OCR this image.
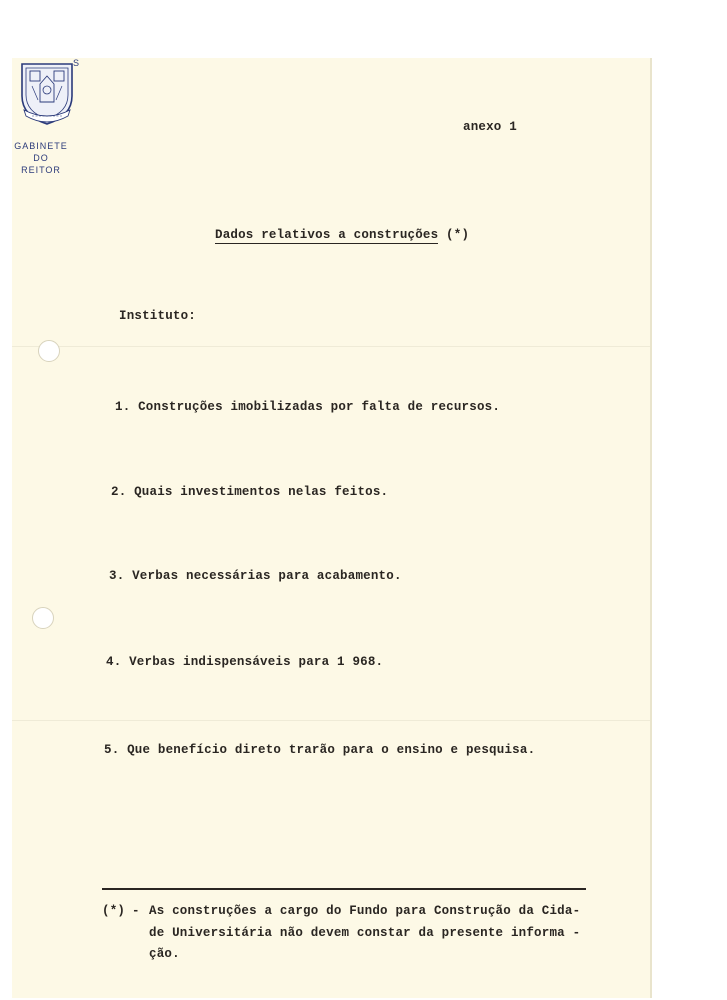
S
GABINETE
DO
REITOR
anexo 1
Dados relativos a construções (*)
Instituto:
1. Construções imobilizadas por falta de recursos.
2. Quais investimentos nelas feitos.
3. Verbas necessárias para acabamento.
4. Verbas indispensáveis para 1 968.
5. Que benefício direto trarão para o ensino e pesquisa.
(*) - As construções a cargo do Fundo para Construção da Cida-
de Universitária não devem constar da presente informa -
ção.
